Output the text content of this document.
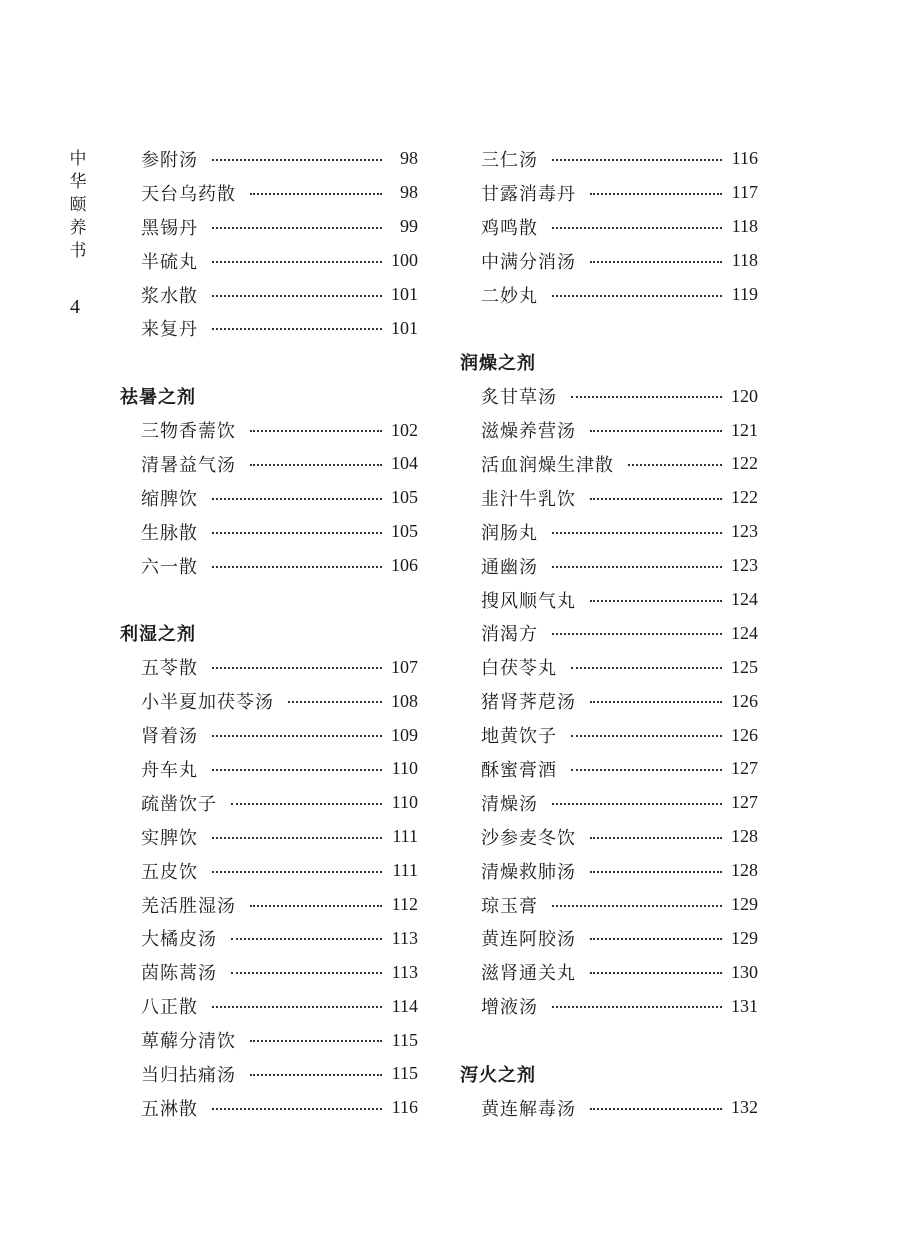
中华颐养书
4
参附汤	98
天台乌药散	98
黑锡丹	99
半硫丸	100
浆水散	101
来复丹	101
祛暑之剂
三物香薷饮	102
清暑益气汤	104
缩脾饮	105
生脉散	105
六一散	106
利湿之剂
五苓散	107
小半夏加茯苓汤	108
肾着汤	109
舟车丸	110
疏凿饮子	110
实脾饮	111
五皮饮	111
羌活胜湿汤	112
大橘皮汤	113
茵陈蒿汤	113
八正散	114
萆薢分清饮	115
当归拈痛汤	115
五淋散	116
三仁汤	116
甘露消毒丹	117
鸡鸣散	118
中满分消汤	118
二妙丸	119
润燥之剂
炙甘草汤	120
滋燥养营汤	121
活血润燥生津散	122
韭汁牛乳饮	122
润肠丸	123
通幽汤	123
搜风顺气丸	124
消渴方	124
白茯苓丸	125
猪肾荠苨汤	126
地黄饮子	126
酥蜜膏酒	127
清燥汤	127
沙参麦冬饮	128
清燥救肺汤	128
琼玉膏	129
黄连阿胶汤	129
滋肾通关丸	130
增液汤	131
泻火之剂
黄连解毒汤	132
